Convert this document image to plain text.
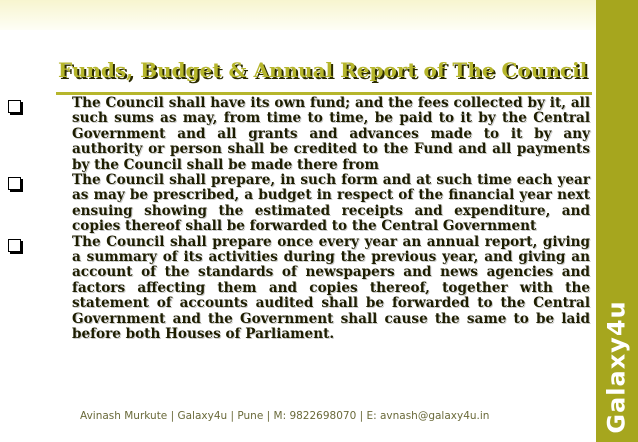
Galaxy4u
Funds, Budget & Annual Report of The Council
The Council shall have its own fund; and the fees collected by it, all such sums as may, from time to time, be paid to it by the Central Government and all grants and advances made to it by any authority or person shall be credited to the Fund and all payments by the Council shall be made there from
The Council shall prepare, in such form and at such time each year as may be prescribed, a budget in respect of the financial year next ensuing showing the estimated receipts and expenditure, and copies thereof shall be forwarded to the Central Government
The Council shall prepare once every year an annual report, giving a summary of its activities during the previous year, and giving an account of the standards of newspapers and news agencies and factors affecting them and copies thereof, together with the statement of accounts audited shall be forwarded to the Central Government and the Government shall cause the same to be laid before both Houses of Parliament.
Avinash Murkute | Galaxy4u | Pune | M: 9822698070 | E: avnash@galaxy4u.in
